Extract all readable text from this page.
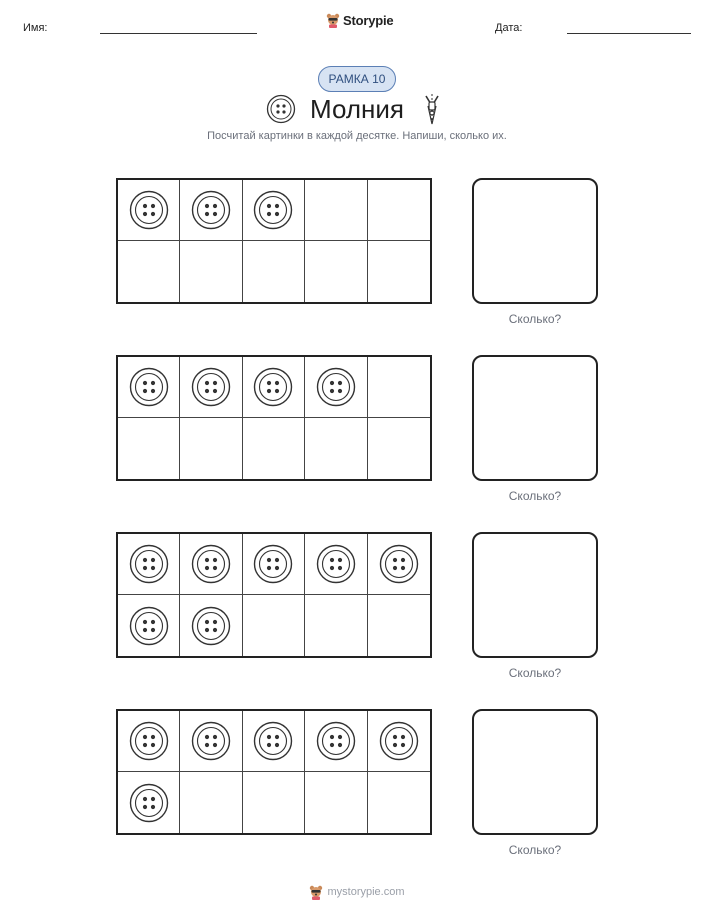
Имя:
Storypie
Дата:
РАМКА 10
Молния
Посчитай картинки в каждой десятке. Напиши, сколько их.
Сколько?
Сколько?
Сколько?
Сколько?
mystorypie.com
